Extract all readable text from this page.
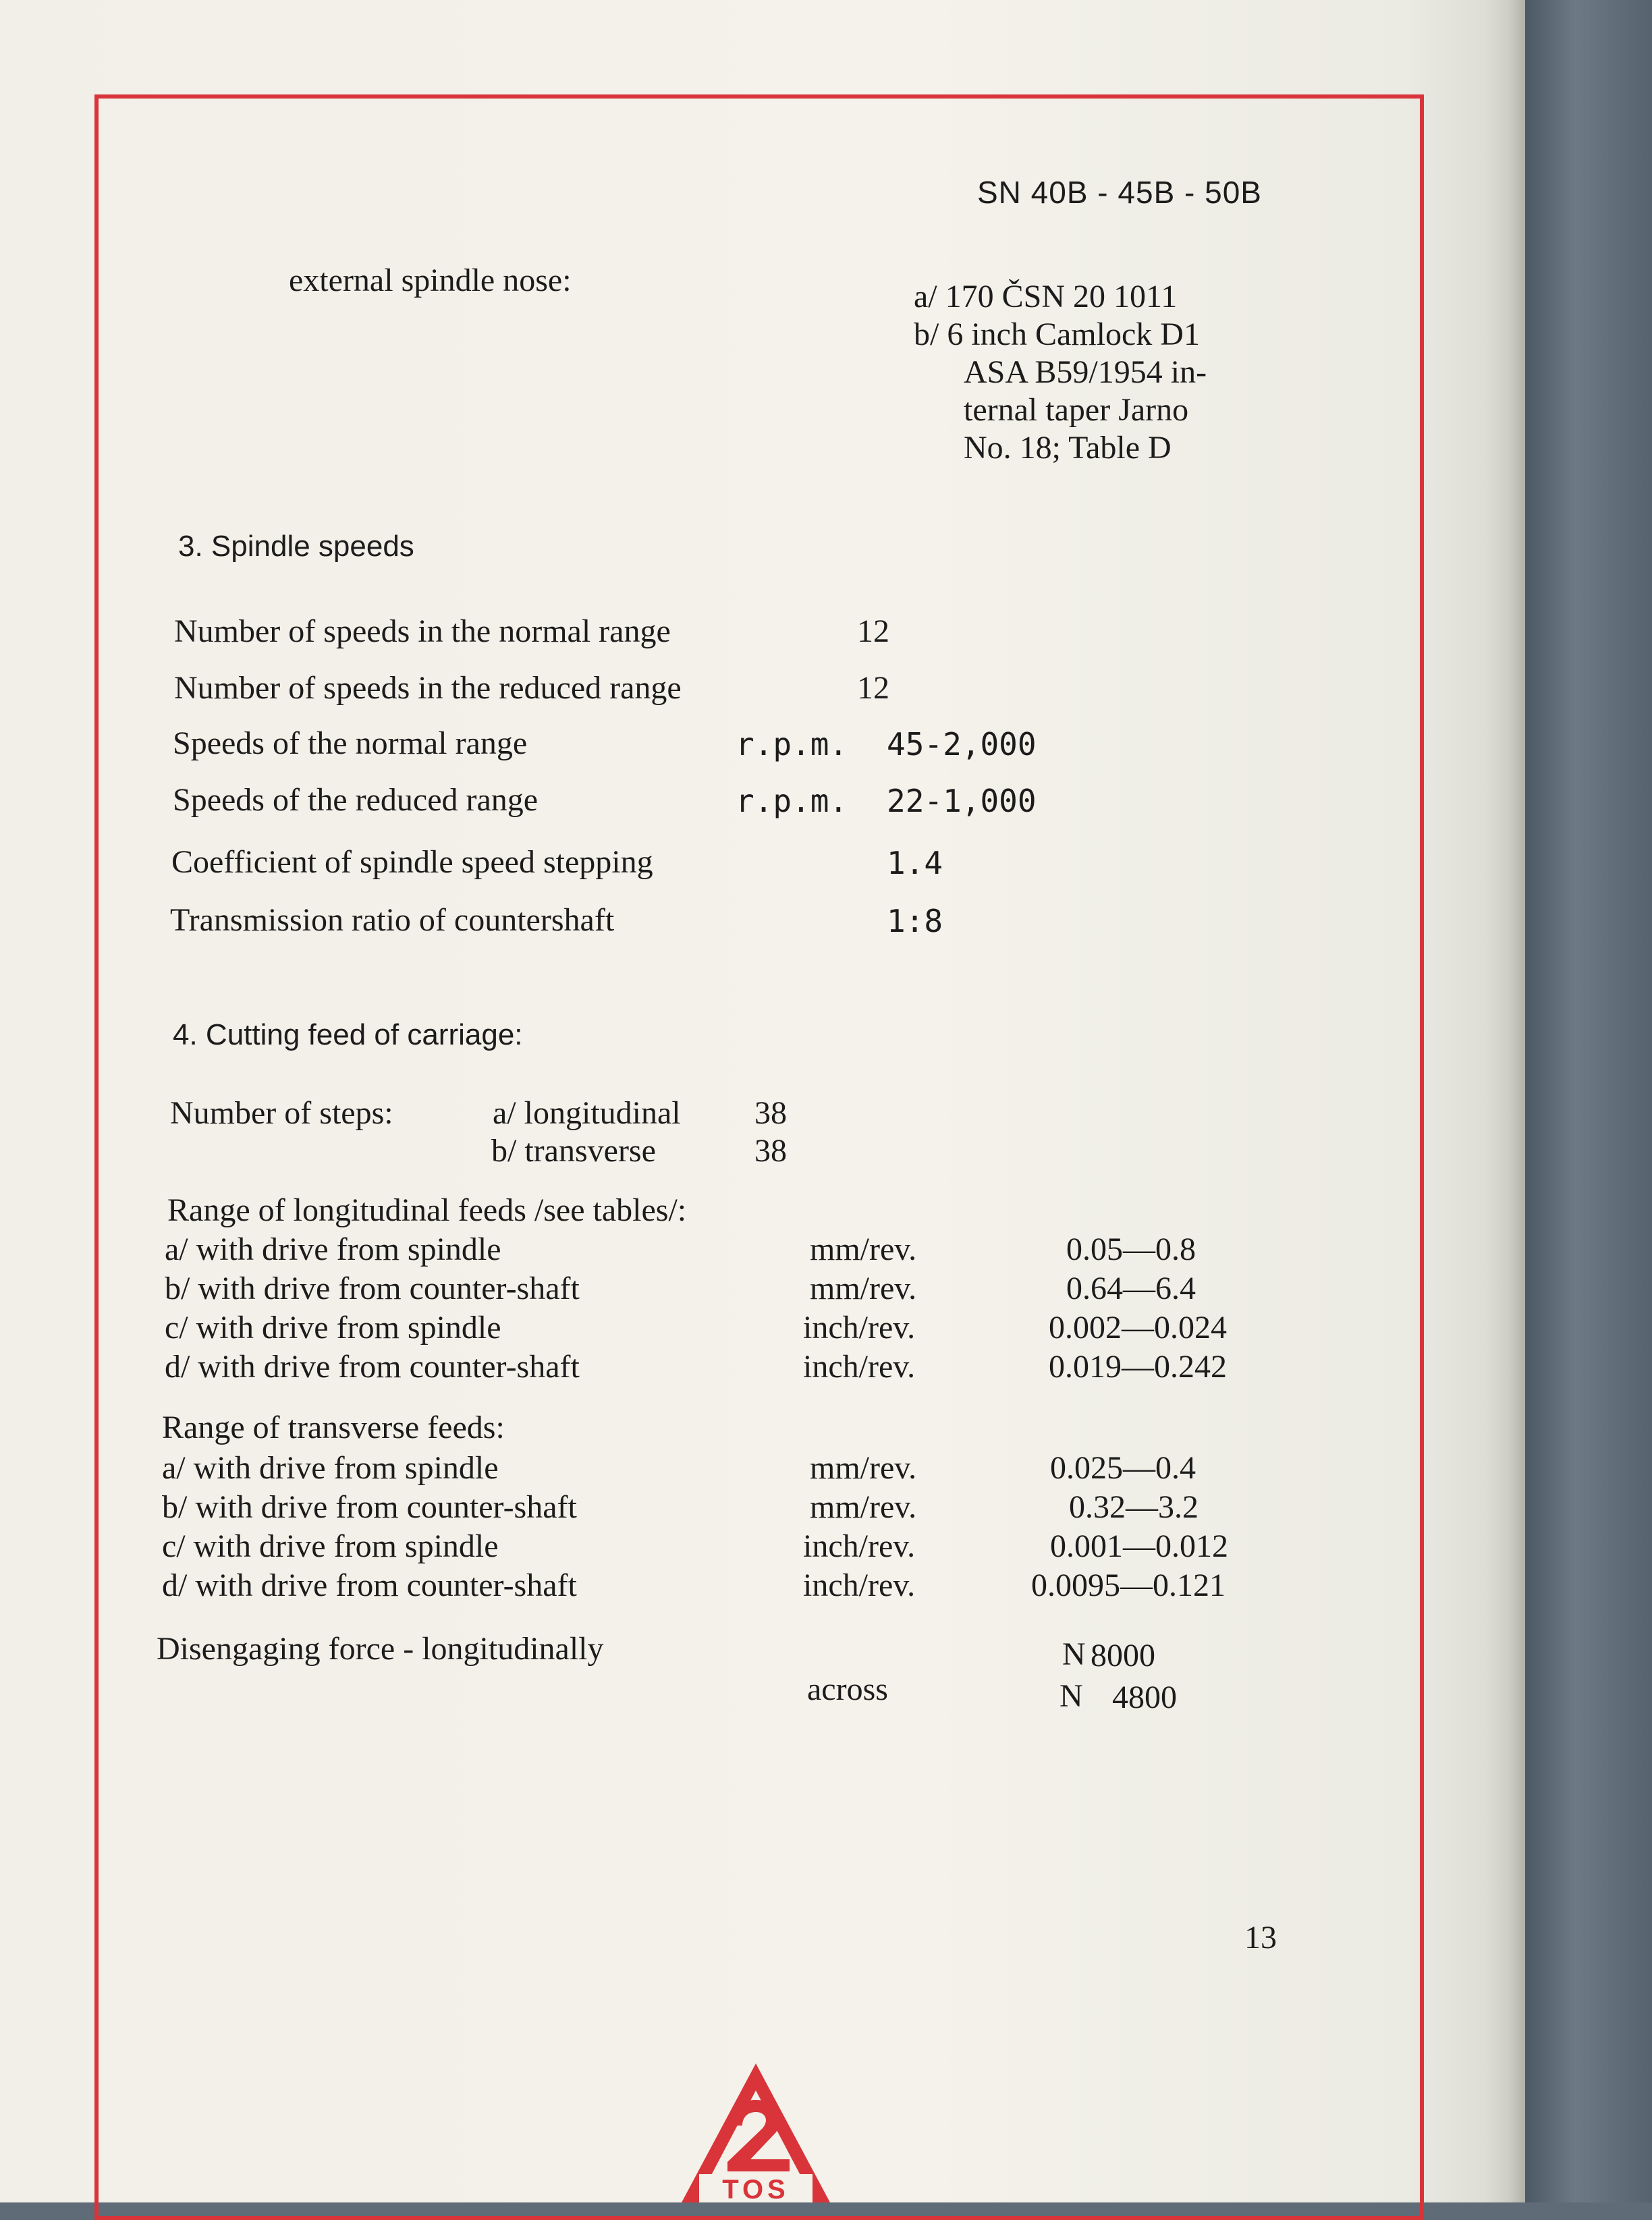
SN 40B - 45B - 50B
external spindle nose:	a/ 170 ČSN 20 1011
b/ 6 inch Camlock D1
ASA B59/1954 in-
ternal taper Jarno
No. 18; Table D
3. Spindle speeds
Number of speeds in the normal range	12
Number of speeds in the reduced range	12
Speeds of the normal range	r.p.m. 45-2,000
Speeds of the reduced range	r.p.m. 22-1,000
Coefficient of spindle speed stepping	1.4
Transmission ratio of countershaft	1:8
4. Cutting feed of carriage:
Number of steps:	a/ longitudinal 38
b/ transverse	38
Range of longitudinal feeds /see tables/:
a/ with drive from spindle	mm/rev.	0.05—0.8
b/ with drive from counter-shaft	mm/rev.	0.64—6.4
c/ with drive from spindle	inch/rev.	0.002—0.024
d/ with drive from counter-shaft	inch/rev.	0.019—0.242
Range of transverse feeds:
a/ with drive from spindle	mm/rev.	0.025—0.4
b/ with drive from counter-shaft	mm/rev.	0.32—3.2
c/ with drive from spindle	inch/rev.	0.001—0.012
d/ with drive from counter-shaft	inch/rev.	0.0095—0.121
Disengaging force - longitudinally	N 8000
across	N 4800
13
TOS
